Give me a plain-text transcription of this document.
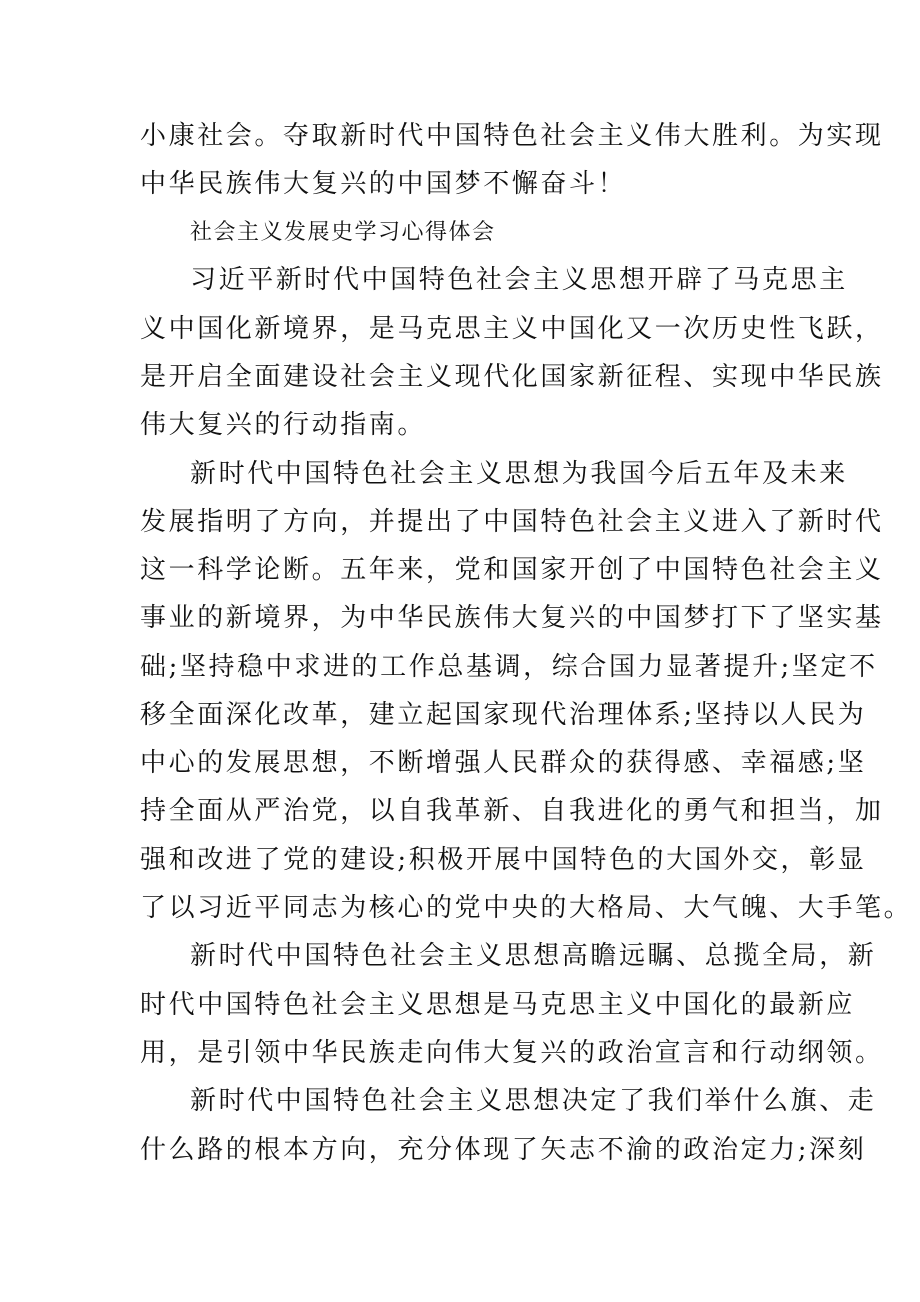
小康社会。夺取新时代中国特色社会主义伟大胜利。为实现
中华民族伟大复兴的中国梦不懈奋斗！
社会主义发展史学习心得体会
习近平新时代中国特色社会主义思想开辟了马克思主
义中国化新境界，是马克思主义中国化又一次历史性飞跃，
是开启全面建设社会主义现代化国家新征程、实现中华民族
伟大复兴的行动指南。
新时代中国特色社会主义思想为我国今后五年及未来
发展指明了方向，并提出了中国特色社会主义进入了新时代
这一科学论断。五年来，党和国家开创了中国特色社会主义
事业的新境界，为中华民族伟大复兴的中国梦打下了坚实基
础;坚持稳中求进的工作总基调，综合国力显著提升;坚定不
移全面深化改革，建立起国家现代治理体系;坚持以人民为
中心的发展思想，不断增强人民群众的获得感、幸福感;坚
持全面从严治党，以自我革新、自我进化的勇气和担当，加
强和改进了党的建设;积极开展中国特色的大国外交，彰显
了以习近平同志为核心的党中央的大格局、大气魄、大手笔。
新时代中国特色社会主义思想高瞻远瞩、总揽全局，新
时代中国特色社会主义思想是马克思主义中国化的最新应
用，是引领中华民族走向伟大复兴的政治宣言和行动纲领。
新时代中国特色社会主义思想决定了我们举什么旗、走
什么路的根本方向，充分体现了矢志不渝的政治定力;深刻
